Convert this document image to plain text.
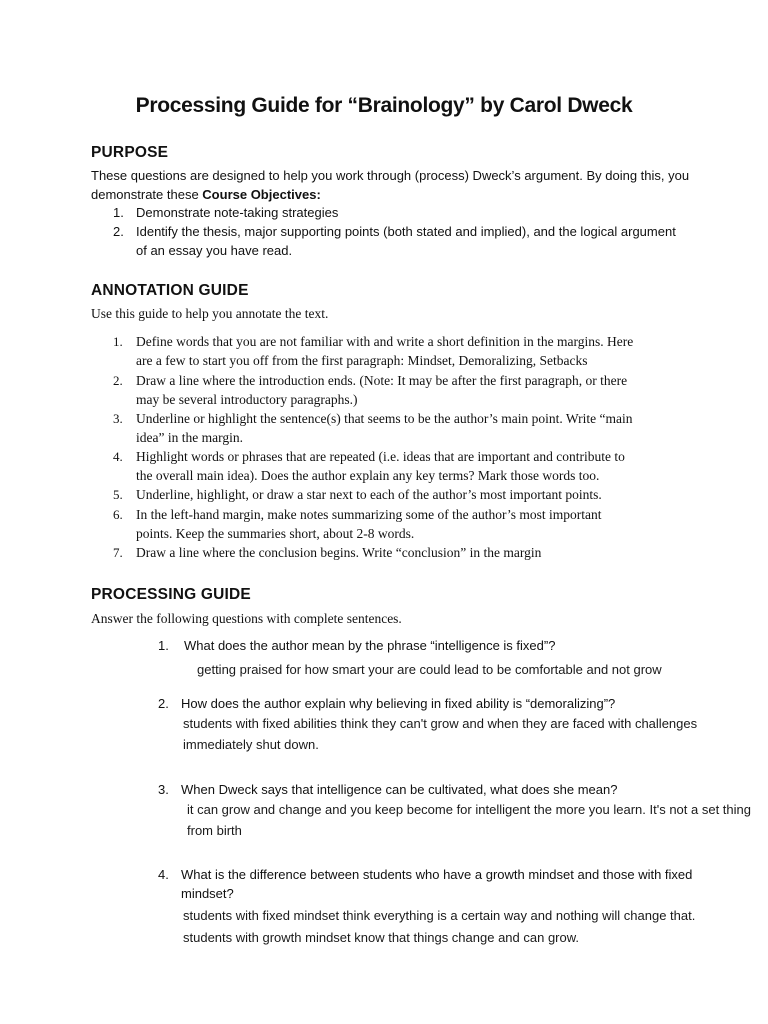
Processing Guide for “Brainology” by Carol Dweck
PURPOSE
These questions are designed to help you work through (process) Dweck’s argument. By doing this, you
demonstrate these Course Objectives:
1. Demonstrate note-taking strategies
2. Identify the thesis, major supporting points (both stated and implied), and the logical argument
of an essay you have read.
ANNOTATION GUIDE
Use this guide to help you annotate the text.
1. Define words that you are not familiar with and write a short definition in the margins. Here
are a few to start you off from the first paragraph: Mindset, Demoralizing, Setbacks
2. Draw a line where the introduction ends. (Note: It may be after the first paragraph, or there
may be several introductory paragraphs.)
3. Underline or highlight the sentence(s) that seems to be the author’s main point. Write “main
idea” in the margin.
4. Highlight words or phrases that are repeated (i.e. ideas that are important and contribute to
the overall main idea). Does the author explain any key terms? Mark those words too.
5. Underline, highlight, or draw a star next to each of the author’s most important points.
6. In the left-hand margin, make notes summarizing some of the author’s most important
points. Keep the summaries short, about 2-8 words.
7. Draw a line where the conclusion begins. Write “conclusion” in the margin
PROCESSING GUIDE
Answer the following questions with complete sentences.
1. What does the author mean by the phrase “intelligence is fixed”?
getting praised for how smart your are could lead to be comfortable and not grow
2. How does the author explain why believing in fixed ability is “demoralizing”?
students with fixed abilities think they can't grow and when they are faced with challenges
immediately shut down.
3. When Dweck says that intelligence can be cultivated, what does she mean?
it can grow and change and you keep become for intelligent the more you learn. It's not a set thing
from birth
4. What is the difference between students who have a growth mindset and those with fixed
mindset?
students with fixed mindset think everything is a certain way and nothing will change that.
students with growth mindset know that things change and can grow.
